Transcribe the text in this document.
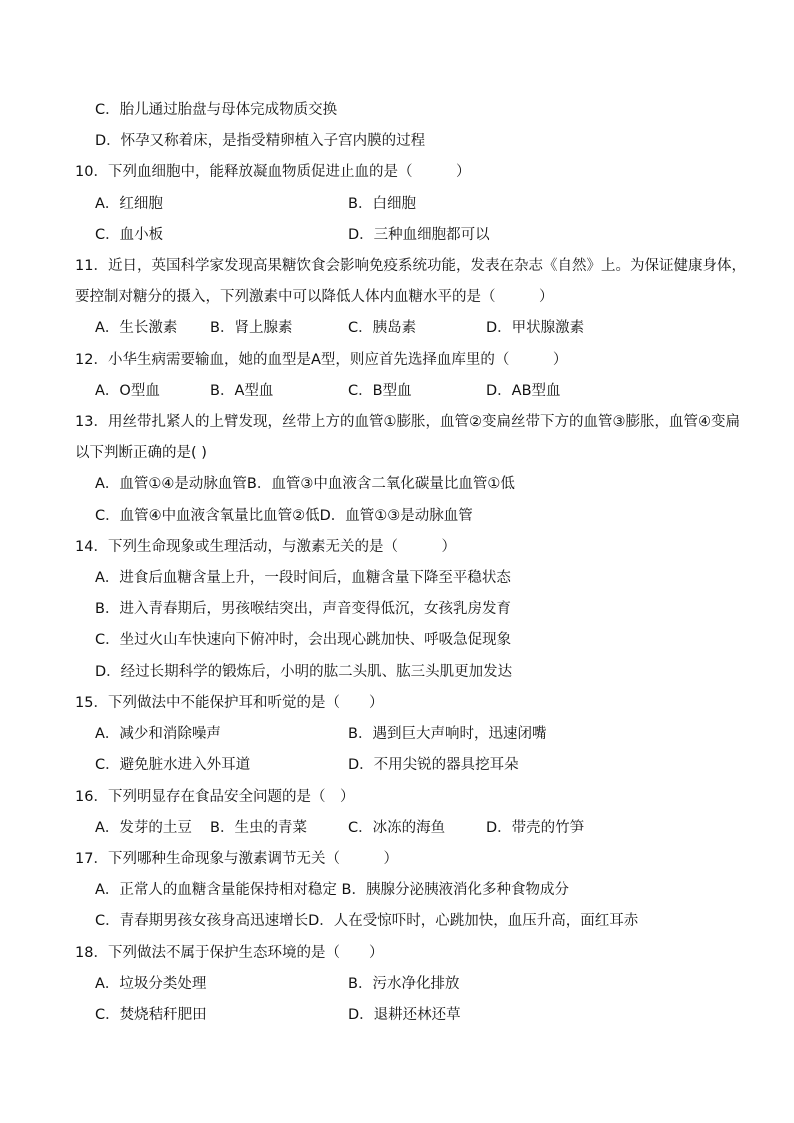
C．胎儿通过胎盘与母体完成物质交换
D．怀孕又称着床，是指受精卵植入子宫内膜的过程
10．下列血细胞中，能释放凝血物质促进止血的是（　　　）
A．红细胞	B．白细胞
C．血小板	D．三种血细胞都可以
11．近日，英国科学家发现高果糖饮食会影响免疫系统功能，发表在杂志《自然》上。为保证健康身体，
要控制对糖分的摄入，下列激素中可以降低人体内血糖水平的是（　　　）
A．生长激素 B．肾上腺素	C．胰岛素	D．甲状腺激素
12．小华生病需要输血，她的血型是A型，则应首先选择血库里的（　　　）
A．O型血	B．A型血	C．B型血	D．AB型血
13．用丝带扎紧人的上臂发现，丝带上方的血管①膨胀，血管②变扁丝带下方的血管③膨胀，血管④变扁
以下判断正确的是( )
A．血管①④是动脉血管B．血管③中血液含二氧化碳量比血管①低
C．血管④中血液含氧量比血管②低D．血管①③是动脉血管
14．下列生命现象或生理活动，与激素无关的是（　　　）
A．进食后血糖含量上升，一段时间后，血糖含量下降至平稳状态
B．进入青春期后，男孩喉结突出，声音变得低沉，女孩乳房发育
C．坐过火山车快速向下俯冲时，会出现心跳加快、呼吸急促现象
D．经过长期科学的锻炼后，小明的肱二头肌、肱三头肌更加发达
15．下列做法中不能保护耳和听觉的是（　　）
A．减少和消除噪声	B．遇到巨大声响时，迅速闭嘴
C．避免脏水进入外耳道	D．不用尖锐的器具挖耳朵
16．下列明显存在食品安全问题的是（　）
A．发芽的土豆 B．生虫的青菜	C．冰冻的海鱼	D．带壳的竹笋
17．下列哪种生命现象与激素调节无关（　　　）
A．正常人的血糖含量能保持相对稳定 B．胰腺分泌胰液消化多种食物成分
C．青春期男孩女孩身高迅速增长D．人在受惊吓时，心跳加快，血压升高，面红耳赤
18．下列做法不属于保护生态环境的是（　　）
A．垃圾分类处理	B．污水净化排放
C．焚烧秸秆肥田	D．退耕还林还草
